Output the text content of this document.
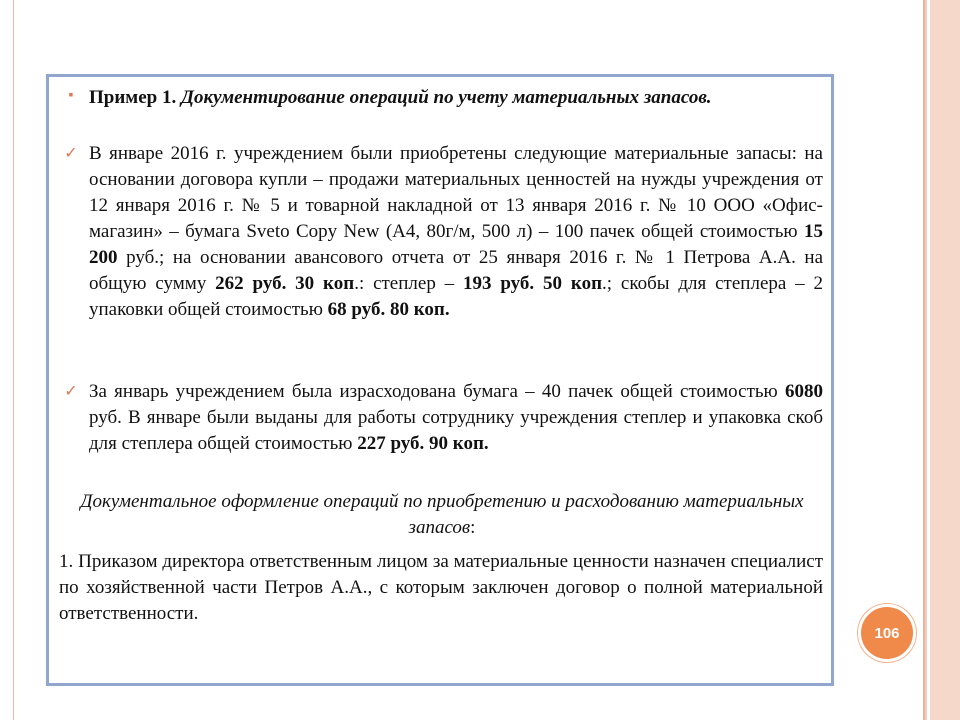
▪ Пример 1. Документирование операций по учету материальных запасов.
✓ В январе 2016 г. учреждением были приобретены следующие материальные запасы: на основании договора купли – продажи материальных ценностей на нужды учреждения от 12 января 2016 г. № 5 и товарной накладной от 13 января 2016 г. № 10 ООО «Офис-магазин» – бумага Sveto Copy New (А4, 80г/м, 500 л) – 100 пачек общей стоимостью 15 200 руб.; на основании авансового отчета от 25 января 2016 г. № 1 Петрова А.А. на общую сумму 262 руб. 30 коп.: степлер – 193 руб. 50 коп.; скобы для степлера – 2 упаковки общей стоимостью 68 руб. 80 коп.
✓ За январь учреждением была израсходована бумага – 40 пачек общей стоимостью 6080 руб. В январе были выданы для работы сотруднику учреждения степлер и упаковка скоб для степлера общей стоимостью 227 руб. 90 коп.
Документальное оформление операций по приобретению и расходованию материальных запасов:
1. Приказом директора ответственным лицом за материальные ценности назначен специалист по хозяйственной части Петров А.А., с которым заключен договор о полной материальной ответственности.
106
